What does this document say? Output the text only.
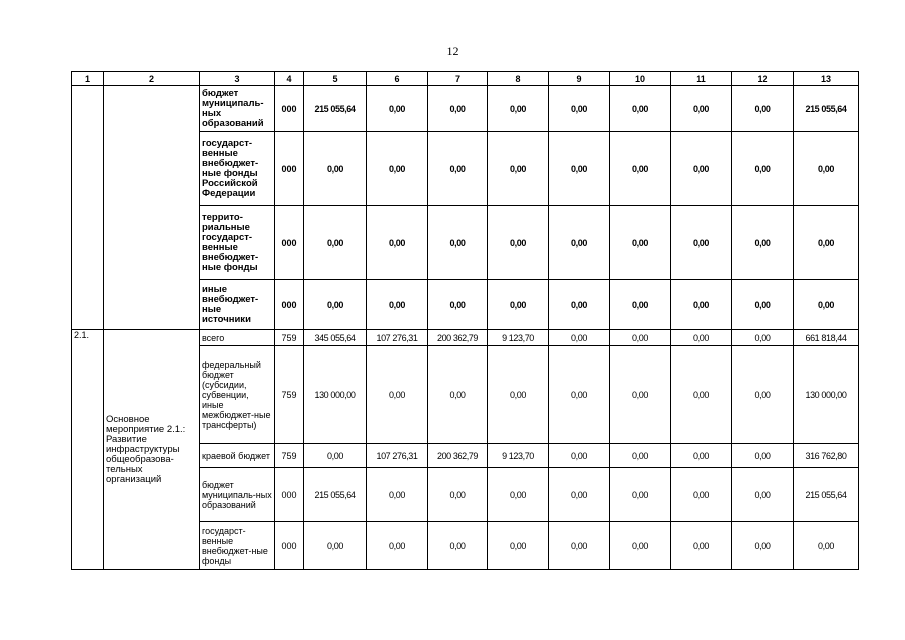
12
1	2	3	4	5	6	7	8	9	10	11	12	13
		бюджет муниципаль-ных образований	000	215 055,64	0,00	0,00	0,00	0,00	0,00	0,00	0,00	215 055,64
		государст-венные внебюджет-ные фонды Российской Федерации	000	0,00	0,00	0,00	0,00	0,00	0,00	0,00	0,00	0,00
		террито-риальные государст-венные внебюджет-ные фонды	000	0,00	0,00	0,00	0,00	0,00	0,00	0,00	0,00	0,00
		иные внебюджет-ные источники	000	0,00	0,00	0,00	0,00	0,00	0,00	0,00	0,00	0,00
2.1.	Основное мероприятие 2.1.: Развитие инфраструктуры общеобразова-тельных организаций	всего	759	345 055,64	107 276,31	200 362,79	9 123,70	0,00	0,00	0,00	0,00	661 818,44
		федеральный бюджет (субсидии, субвенции, иные межбюджет-ные трансферты)	759	130 000,00	0,00	0,00	0,00	0,00	0,00	0,00	0,00	130 000,00
		краевой бюджет	759	0,00	107 276,31	200 362,79	9 123,70	0,00	0,00	0,00	0,00	316 762,80
		бюджет муниципаль-ных образований	000	215 055,64	0,00	0,00	0,00	0,00	0,00	0,00	0,00	215 055,64
		государст-венные внебюджет-ные фонды	000	0,00	0,00	0,00	0,00	0,00	0,00	0,00	0,00	0,00
